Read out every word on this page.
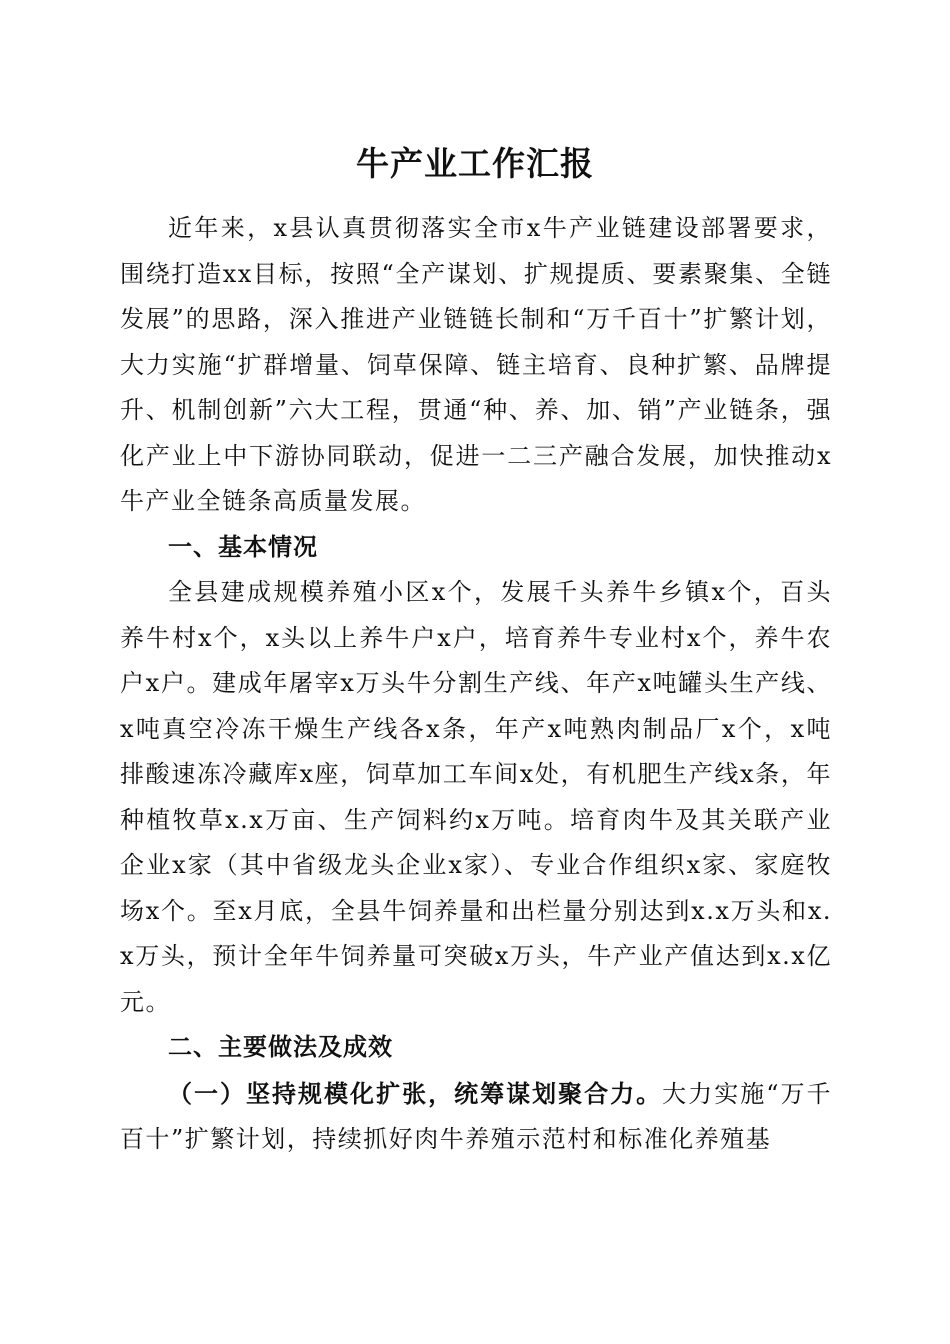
牛产业工作汇报

近年来，x县认真贯彻落实全市x牛产业链建设部署要求，围绕打造xx目标，按照“全产谋划、扩规提质、要素聚集、全链发展”的思路，深入推进产业链链长制和“万千百十”扩繁计划，大力实施“扩群增量、饲草保障、链主培育、良种扩繁、品牌提升、机制创新”六大工程，贯通“种、养、加、销”产业链条，强化产业上中下游协同联动，促进一二三产融合发展，加快推动x牛产业全链条高质量发展。

一、基本情况

全县建成规模养殖小区x个，发展千头养牛乡镇x个，百头养牛村x个，x头以上养牛户x户，培育养牛专业村x个，养牛农户x户。建成年屠宰x万头牛分割生产线、年产x吨罐头生产线、x吨真空冷冻干燥生产线各x条，年产x吨熟肉制品厂x个，x吨排酸速冻冷藏库x座，饲草加工车间x处，有机肥生产线x条，年种植牧草x.x万亩、生产饲料约x万吨。培育肉牛及其关联产业企业x家（其中省级龙头企业x家）、专业合作组织x家、家庭牧场x个。至x月底，全县牛饲养量和出栏量分别达到x.x万头和x.x万头，预计全年牛饲养量可突破x万头，牛产业产值达到x.x亿元。

二、主要做法及成效

（一）坚持规模化扩张，统筹谋划聚合力。大力实施“万千百十”扩繁计划，持续抓好肉牛养殖示范村和标准化养殖基
